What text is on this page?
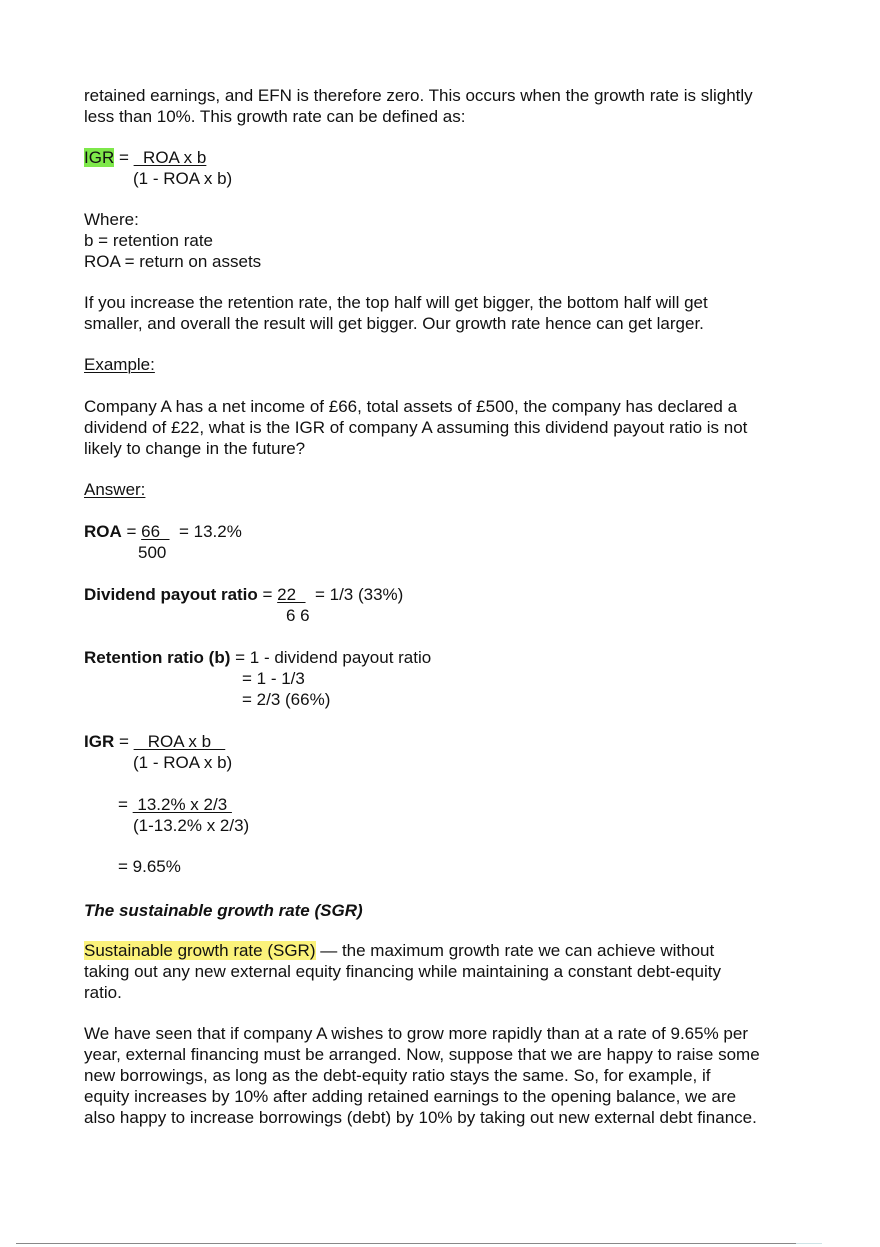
retained earnings, and EFN is therefore zero. This occurs when the growth rate is slightly
less than 10%. This growth rate can be defined as:
IGR =   ROA x b
(1 - ROA x b)
Where:
b = retention rate
ROA = return on assets
If you increase the retention rate, the top half will get bigger, the bottom half will get
smaller, and overall the result will get bigger. Our growth rate hence can get larger.
Example:
Company A has a net income of £66, total assets of £500, the company has declared a
dividend of £22, what is the IGR of company A assuming this dividend payout ratio is not
likely to change in the future?
Answer:
ROA = 66    = 13.2%
500
Dividend payout ratio = 22    = 1/3 (33%)
6 6
Retention ratio (b) = 1 - dividend payout ratio
= 1 - 1/3
= 2/3 (66%)
IGR =    ROA x b
(1 - ROA x b)
=  13.2% x 2/3
(1-13.2% x 2/3)
= 9.65%
The sustainable growth rate (SGR)
Sustainable growth rate (SGR) — the maximum growth rate we can achieve without
taking out any new external equity financing while maintaining a constant debt-equity
ratio.
We have seen that if company A wishes to grow more rapidly than at a rate of 9.65% per
year, external financing must be arranged. Now, suppose that we are happy to raise some
new borrowings, as long as the debt-equity ratio stays the same. So, for example, if
equity increases by 10% after adding retained earnings to the opening balance, we are
also happy to increase borrowings (debt) by 10% by taking out new external debt finance.
